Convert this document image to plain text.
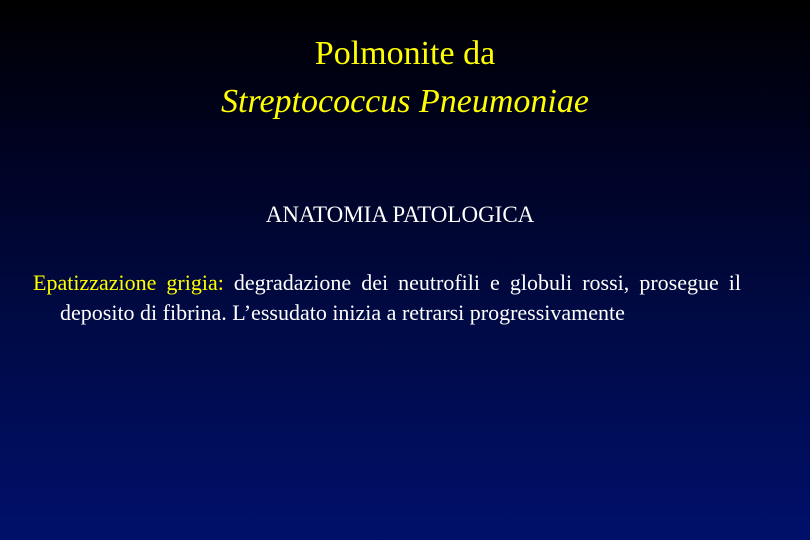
Polmonite da
Streptococcus Pneumoniae
ANATOMIA PATOLOGICA
Epatizzazione grigia: degradazione dei neutrofili e globuli rossi, prosegue il deposito di fibrina. L’essudato inizia a retrarsi progressivamente
